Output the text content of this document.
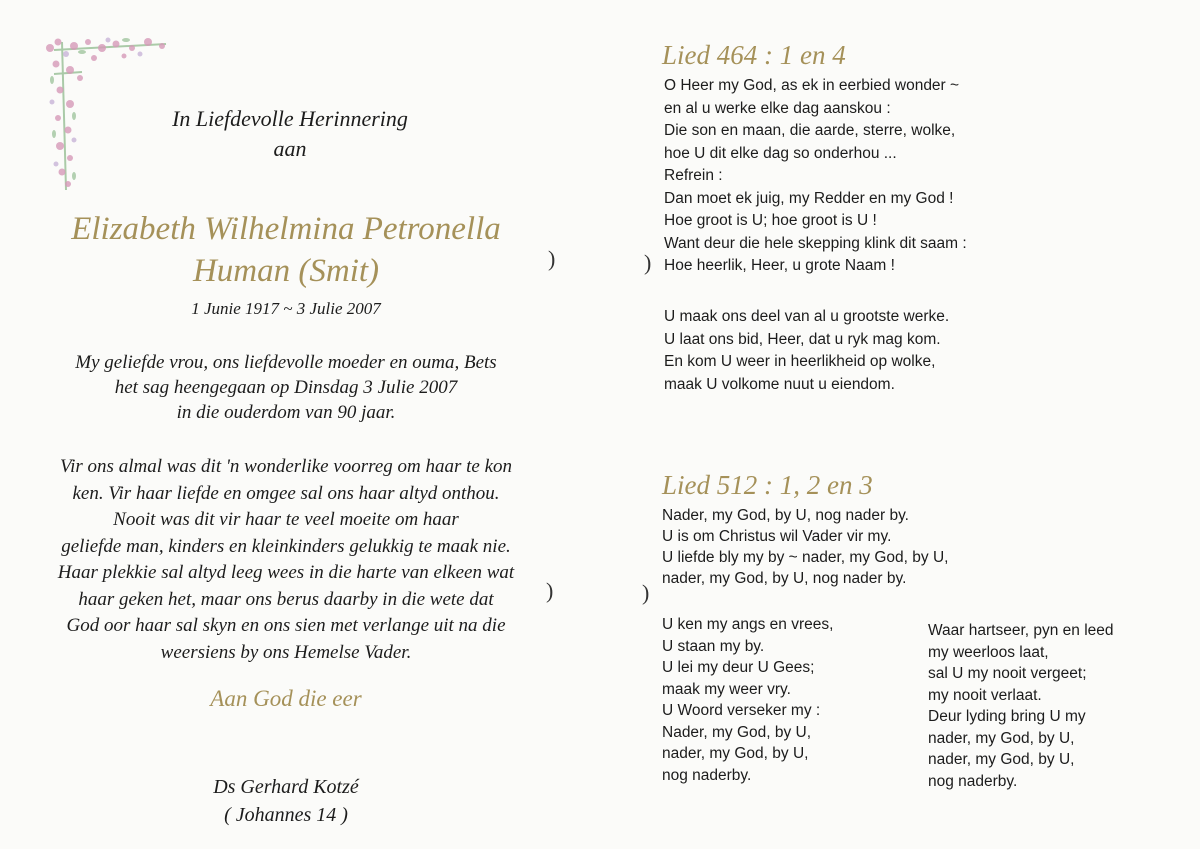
In Liefdevolle Herinnering
aan
Elizabeth Wilhelmina Petronella
Human (Smit)
1 Junie 1917 ~ 3 Julie 2007
My geliefde vrou, ons liefdevolle moeder en ouma, Bets
het sag heengegaan op Dinsdag 3 Julie 2007
in die ouderdom van 90 jaar.
Vir ons almal was dit 'n wonderlike voorreg om haar te kon
ken. Vir haar liefde en omgee sal ons haar altyd onthou.
Nooit was dit vir haar te veel moeite om haar
geliefde man, kinders en kleinkinders gelukkig te maak nie.
Haar plekkie sal altyd leeg wees in die harte van elkeen wat
haar geken het, maar ons berus daarby in die wete dat
God oor haar sal skyn en ons sien met verlange uit na die
weersiens by ons Hemelse Vader.
Aan God die eer
Ds Gerhard Kotzé
( Johannes 14 )
)
)
)
)
Lied 464 : 1 en 4
O Heer my God, as ek in eerbied wonder ~
en al u werke elke dag aanskou :
Die son en maan, die aarde, sterre, wolke,
hoe U dit elke dag so onderhou ...
Refrein :
Dan moet ek juig, my Redder en my God !
Hoe groot is U; hoe groot is U !
Want deur die hele skepping klink dit saam :
Hoe heerlik, Heer, u grote Naam !
U maak ons deel van al u grootste werke.
U laat ons bid, Heer, dat u ryk mag kom.
En kom U weer in heerlikheid op wolke,
maak U volkome nuut u eiendom.
Lied 512 : 1, 2 en 3
Nader, my God, by U, nog nader by.
U is om Christus wil Vader vir my.
U liefde bly my by ~ nader, my God, by U,
nader, my God, by U, nog nader by.
U ken my angs en vrees,
U staan my by.
U lei my deur U Gees;
maak my weer vry.
U Woord verseker my :
Nader, my God, by U,
nader, my God, by U,
nog naderby.
Waar hartseer, pyn en leed
my weerloos laat,
sal U my nooit vergeet;
my nooit verlaat.
Deur lyding bring U my
nader, my God, by U,
nader, my God, by U,
nog naderby.
